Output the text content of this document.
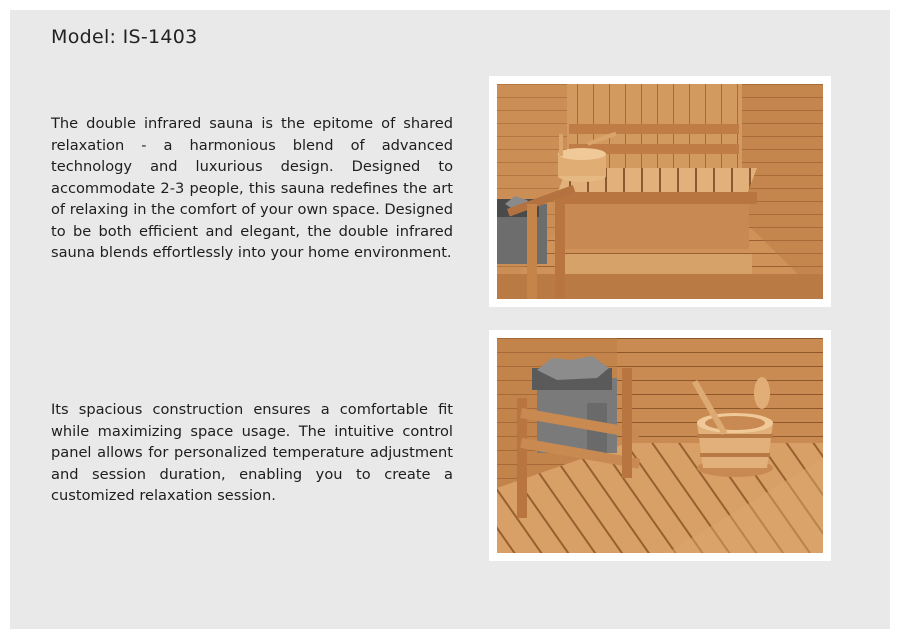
Model: IS-1403

The double infrared sauna is the epitome of shared relaxation - a harmonious blend of advanced technology and luxurious design. Designed to accommodate 2-3 people, this sauna redefines the art of relaxing in the comfort of your own space. Designed to be both efficient and elegant, the double infrared sauna blends effortlessly into your home environment.

Its spacious construction ensures a comfortable fit while maximizing space usage. The intuitive control panel allows for personalized temperature adjustment and session duration, enabling you to create a customized relaxation session.
